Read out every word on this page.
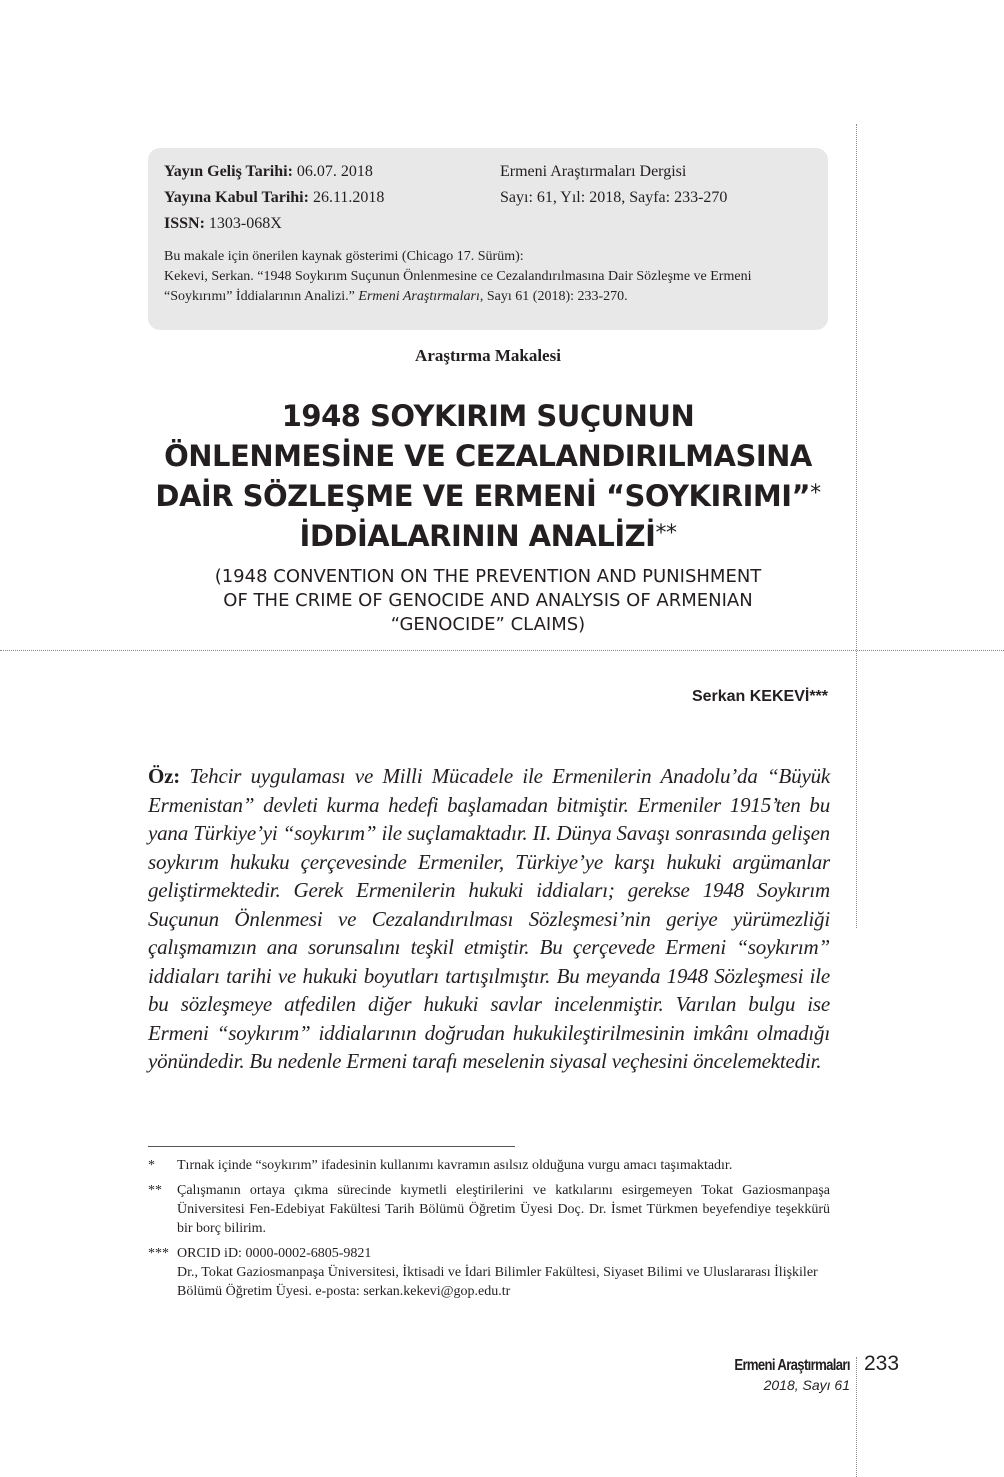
Yayın Geliş Tarihi: 06.07. 2018	Ermeni Araştırmaları Dergisi
Yayına Kabul Tarihi: 26.11.2018	Sayı: 61, Yıl: 2018, Sayfa: 233-270
ISSN: 1303-068X
Bu makale için önerilen kaynak gösterimi (Chicago 17. Sürüm):
Kekevi, Serkan. “1948 Soykırım Suçunun Önlenmesine ce Cezalandırılmasına Dair Sözleşme ve Ermeni “Soykırımı” İddialarının Analizi.” Ermeni Araştırmaları, Sayı 61 (2018): 233-270.
Araştırma Makalesi
1948 SOYKIRIM SUÇUNUN
ÖNLENMESİNE VE CEZALANDIRILMASINA
DAİR SÖZLEŞME VE ERMENİ “SOYKIRIMI”*
İDDİALARININ ANALİZİ**
(1948 CONVENTION ON THE PREVENTION AND PUNISHMENT
OF THE CRIME OF GENOCIDE AND ANALYSIS OF ARMENIAN
“GENOCIDE” CLAIMS)
Serkan KEKEVİ***
Öz: Tehcir uygulaması ve Milli Mücadele ile Ermenilerin Anadolu’da “Büyük Ermenistan” devleti kurma hedefi başlamadan bitmiştir. Ermeniler 1915’ten bu yana Türkiye’yi “soykırım” ile suçlamaktadır. II. Dünya Savaşı sonrasında gelişen soykırım hukuku çerçevesinde Ermeniler, Türkiye’ye karşı hukuki argümanlar geliştirmektedir. Gerek Ermenilerin hukuki iddiaları; gerekse 1948 Soykırım Suçunun Önlenmesi ve Cezalandırılması Sözleşmesi’nin geriye yürümezliği çalışmamızın ana sorunsalını teşkil etmiştir. Bu çerçevede Ermeni “soykırım” iddiaları tarihi ve hukuki boyutları tartışılmıştır. Bu meyanda 1948 Sözleşmesi ile bu sözleşmeye atfedilen diğer hukuki savlar incelenmiştir. Varılan bulgu ise Ermeni “soykırım” iddialarının doğrudan hukukileştirilmesinin imkânı olmadığı yönündedir. Bu nedenle Ermeni tarafı meselenin siyasal veçhesini öncelemektedir.
*	Tırnak içinde “soykırım” ifadesinin kullanımı kavramın asılsız olduğuna vurgu amacı taşımaktadır.
**	Çalışmanın ortaya çıkma sürecinde kıymetli eleştirilerini ve katkılarını esirgemeyen Tokat Gaziosmanpaşa Üniversitesi Fen-Edebiyat Fakültesi Tarih Bölümü Öğretim Üyesi Doç. Dr. İsmet Türkmen beyefendiye teşekkürü bir borç bilirim.
*** ORCID iD: 0000-0002-6805-9821
Dr., Tokat Gaziosmanpaşa Üniversitesi, İktisadi ve İdari Bilimler Fakültesi, Siyaset Bilimi ve Uluslararası İlişkiler Bölümü Öğretim Üyesi. e-posta: serkan.kekevi@gop.edu.tr
Ermeni Araştırmaları
2018, Sayı 61
233
